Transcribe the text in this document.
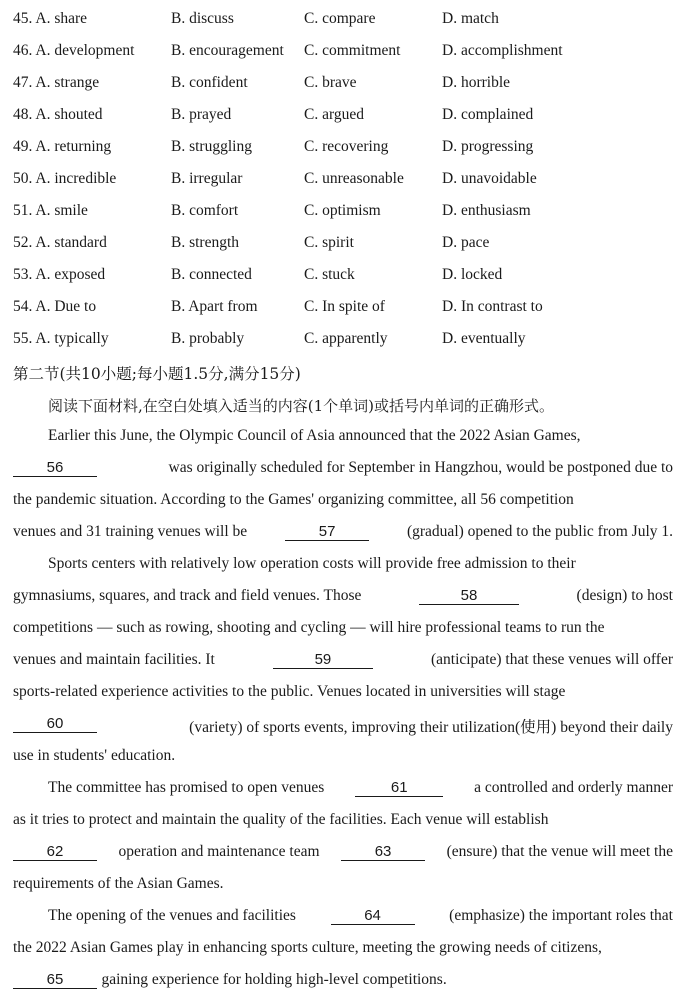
45. A. share	B. discuss	C. compare	D. match
46. A. development B. encouragement C. commitment	D. accomplishment
47. A. strange	B. confident	C. brave	D. horrible
48. A. shouted	B. prayed	C. argued	D. complained
49. A. returning	B. struggling	C. recovering	D. progressing
50. A. incredible	B. irregular	C. unreasonable D. unavoidable
51. A. smile	B. comfort	C. optimism	D. enthusiasm
52. A. standard	B. strength	C. spirit	D. pace
53. A. exposed	B. connected	C. stuck	D. locked
54. A. Due to	B. Apart from	C. In spite of	D. In contrast to
55. A. typically	B. probably	C. apparently	D. eventually
第二节(共10小题;每小题1.5分,满分15分)
阅读下面材料,在空白处填入适当的内容(1个单词)或括号内单词的正确形式。
Earlier this June, the Olympic Council of Asia announced that the 2022 Asian Games,
56	was originally scheduled for September in Hangzhou, would be postponed due to
the pandemic situation. According to the Games' organizing committee, all 56 competition
venues and 31 training venues will be	57	(gradual) opened to the public from July 1.
Sports centers with relatively low operation costs will provide free admission to their
gymnasiums, squares, and track and field venues. Those	58	(design) to host
competitions — such as rowing, shooting and cycling — will hire professional teams to run the
venues and maintain facilities. It	59	(anticipate) that these venues will offer
sports-related experience activities to the public. Venues located in universities will stage
60	(variety) of sports events, improving their utilization(使用) beyond their daily
use in students' education.
The committee has promised to open venues	61	a controlled and orderly manner
as it tries to protect and maintain the quality of the facilities. Each venue will establish
62	operation and maintenance team	63	(ensure) that the venue will meet the
requirements of the Asian Games.
The opening of the venues and facilities	64	(emphasize) the important roles that
the 2022 Asian Games play in enhancing sports culture, meeting the growing needs of citizens,
65	gaining experience for holding high-level competitions.
